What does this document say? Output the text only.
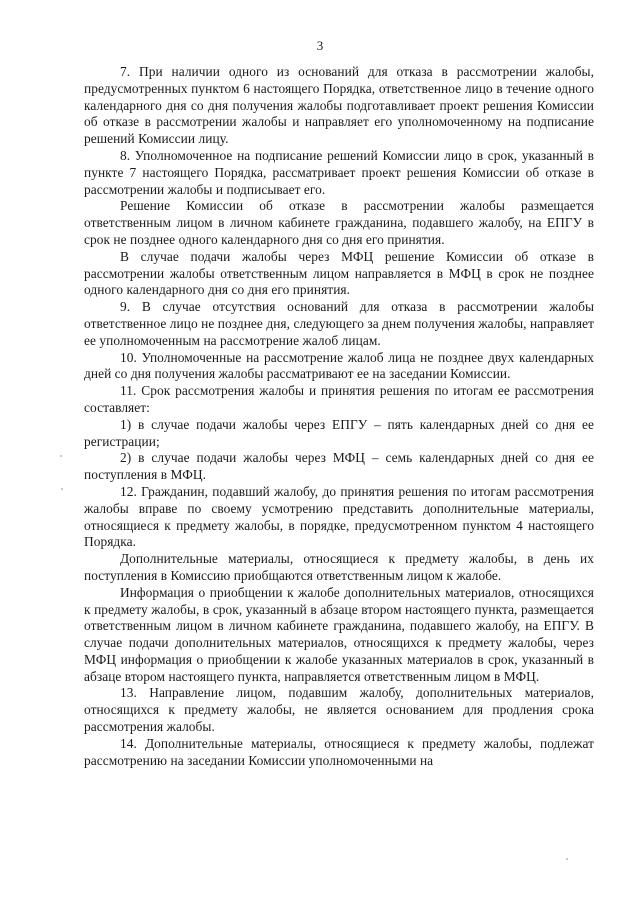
3

7. При наличии одного из оснований для отказа в рассмотрении жалобы, предусмотренных пунктом 6 настоящего Порядка, ответственное лицо в течение одного календарного дня со дня получения жалобы подготавливает проект решения Комиссии об отказе в рассмотрении жалобы и направляет его уполномоченному на подписание решений Комиссии лицу.

8. Уполномоченное на подписание решений Комиссии лицо в срок, указанный в пункте 7 настоящего Порядка, рассматривает проект решения Комиссии об отказе в рассмотрении жалобы и подписывает его.

Решение Комиссии об отказе в рассмотрении жалобы размещается ответственным лицом в личном кабинете гражданина, подавшего жалобу, на ЕПГУ в срок не позднее одного календарного дня со дня его принятия.

В случае подачи жалобы через МФЦ решение Комиссии об отказе в рассмотрении жалобы ответственным лицом направляется в МФЦ в срок не позднее одного календарного дня со дня его принятия.

9. В случае отсутствия оснований для отказа в рассмотрении жалобы ответственное лицо не позднее дня, следующего за днем получения жалобы, направляет ее уполномоченным на рассмотрение жалоб лицам.

10. Уполномоченные на рассмотрение жалоб лица не позднее двух календарных дней со дня получения жалобы рассматривают ее на заседании Комиссии.

11. Срок рассмотрения жалобы и принятия решения по итогам ее рассмотрения составляет:

1) в случае подачи жалобы через ЕПГУ – пять календарных дней со дня ее регистрации;

2) в случае подачи жалобы через МФЦ – семь календарных дней со дня ее поступления в МФЦ.

12. Гражданин, подавший жалобу, до принятия решения по итогам рассмотрения жалобы вправе по своему усмотрению представить дополнительные материалы, относящиеся к предмету жалобы, в порядке, предусмотренном пунктом 4 настоящего Порядка.

Дополнительные материалы, относящиеся к предмету жалобы, в день их поступления в Комиссию приобщаются ответственным лицом к жалобе.

Информация о приобщении к жалобе дополнительных материалов, относящихся к предмету жалобы, в срок, указанный в абзаце втором настоящего пункта, размещается ответственным лицом в личном кабинете гражданина, подавшего жалобу, на ЕПГУ. В случае подачи дополнительных материалов, относящихся к предмету жалобы, через МФЦ информация о приобщении к жалобе указанных материалов в срок, указанный в абзаце втором настоящего пункта, направляется ответственным лицом в МФЦ.

13. Направление лицом, подавшим жалобу, дополнительных материалов, относящихся к предмету жалобы, не является основанием для продления срока рассмотрения жалобы.

14. Дополнительные материалы, относящиеся к предмету жалобы, подлежат рассмотрению на заседании Комиссии уполномоченными на
